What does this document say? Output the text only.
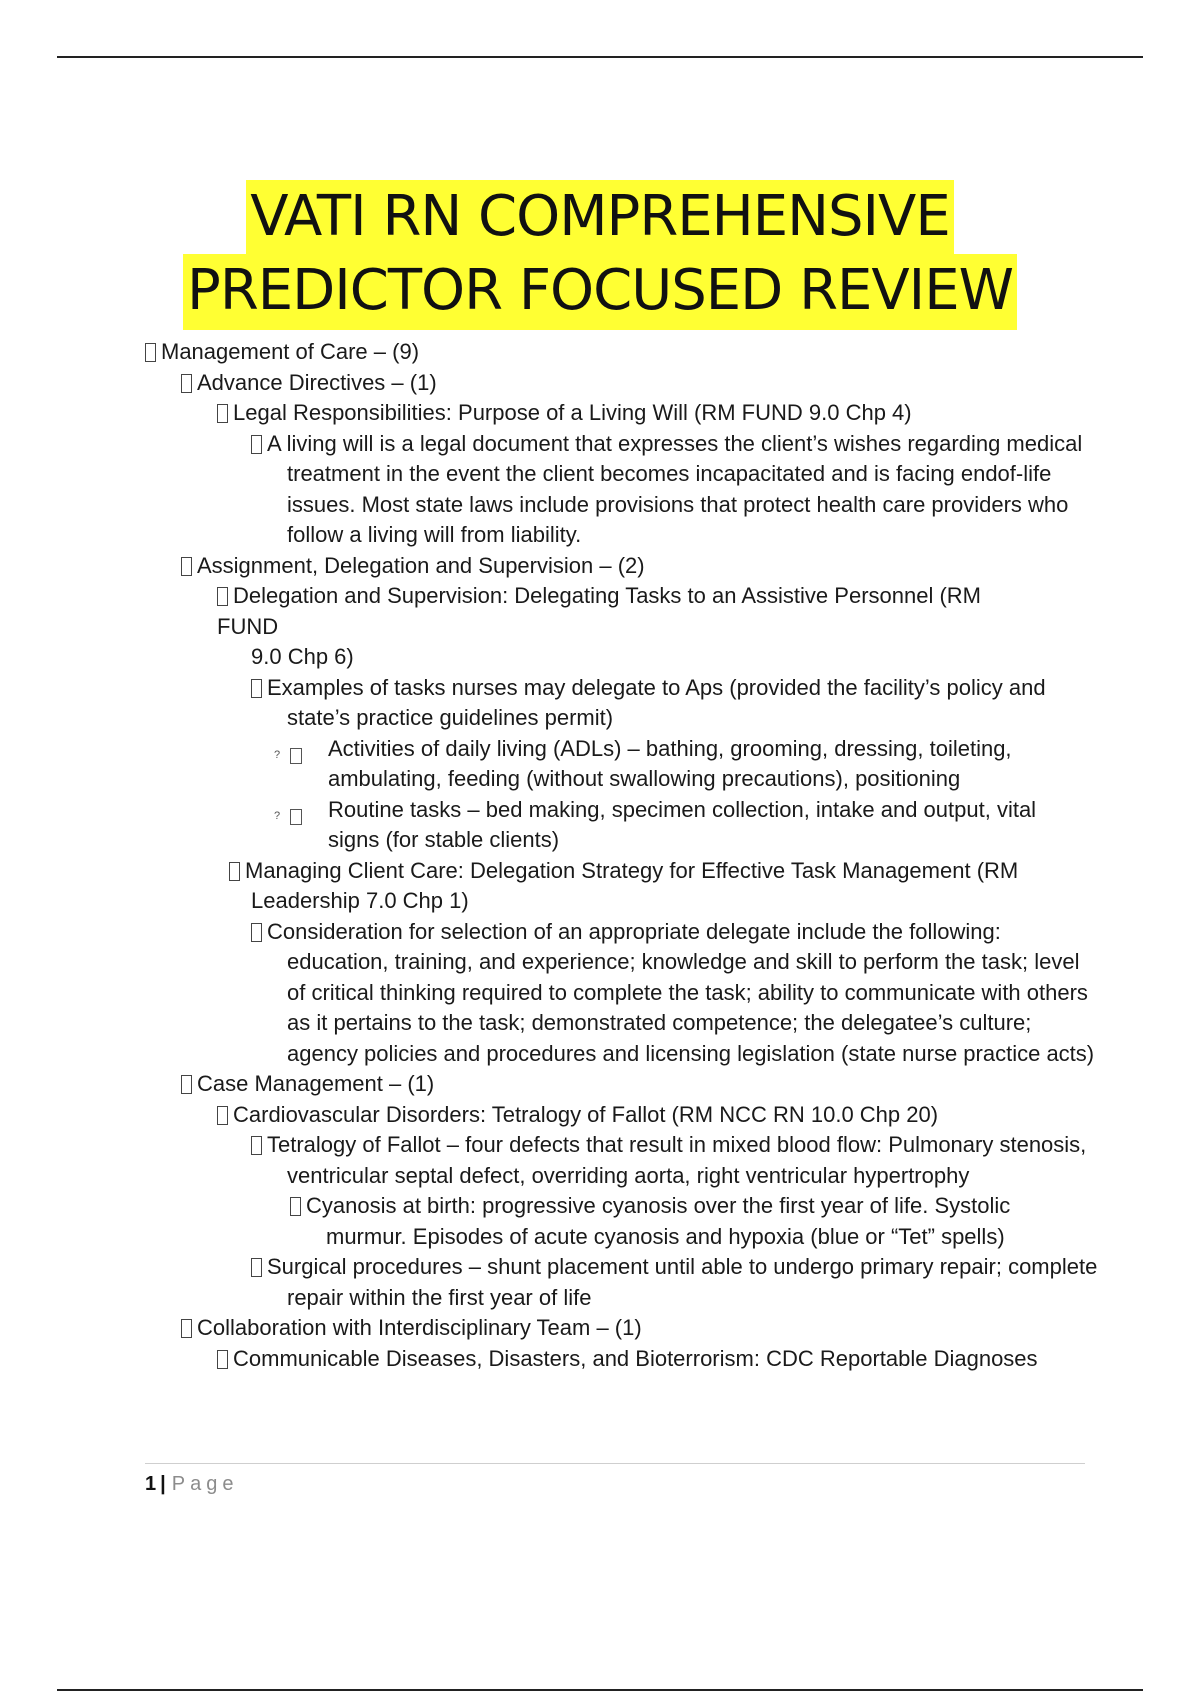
VATI RN COMPREHENSIVE
PREDICTOR FOCUSED REVIEW
Management of Care – (9)
Advance Directives – (1)
Legal Responsibilities: Purpose of a Living Will (RM FUND 9.0 Chp 4)
A living will is a legal document that expresses the client’s wishes regarding medical treatment in the event the client becomes incapacitated and is facing endof-life issues. Most state laws include provisions that protect health care providers who follow a living will from liability.
Assignment, Delegation and Supervision – (2)
Delegation and Supervision: Delegating Tasks to an Assistive Personnel (RM
FUND
9.0 Chp 6)
Examples of tasks nurses may delegate to Aps (provided the facility’s policy and state’s practice guidelines permit)
? Activities of daily living (ADLs) – bathing, grooming, dressing, toileting, ambulating, feeding (without swallowing precautions), positioning
? Routine tasks – bed making, specimen collection, intake and output, vital signs (for stable clients)
Managing Client Care: Delegation Strategy for Effective Task Management (RM Leadership 7.0 Chp 1)
Consideration for selection of an appropriate delegate include the following: education, training, and experience; knowledge and skill to perform the task; level of critical thinking required to complete the task; ability to communicate with others as it pertains to the task; demonstrated competence; the delegatee’s culture; agency policies and procedures and licensing legislation (state nurse practice acts)
Case Management – (1)
Cardiovascular Disorders: Tetralogy of Fallot (RM NCC RN 10.0 Chp 20)
Tetralogy of Fallot – four defects that result in mixed blood flow: Pulmonary stenosis, ventricular septal defect, overriding aorta, right ventricular hypertrophy
Cyanosis at birth: progressive cyanosis over the first year of life. Systolic murmur. Episodes of acute cyanosis and hypoxia (blue or “Tet” spells)
Surgical procedures – shunt placement until able to undergo primary repair; complete repair within the first year of life
Collaboration with Interdisciplinary Team – (1)
Communicable Diseases, Disasters, and Bioterrorism: CDC Reportable Diagnoses
1 | Page
